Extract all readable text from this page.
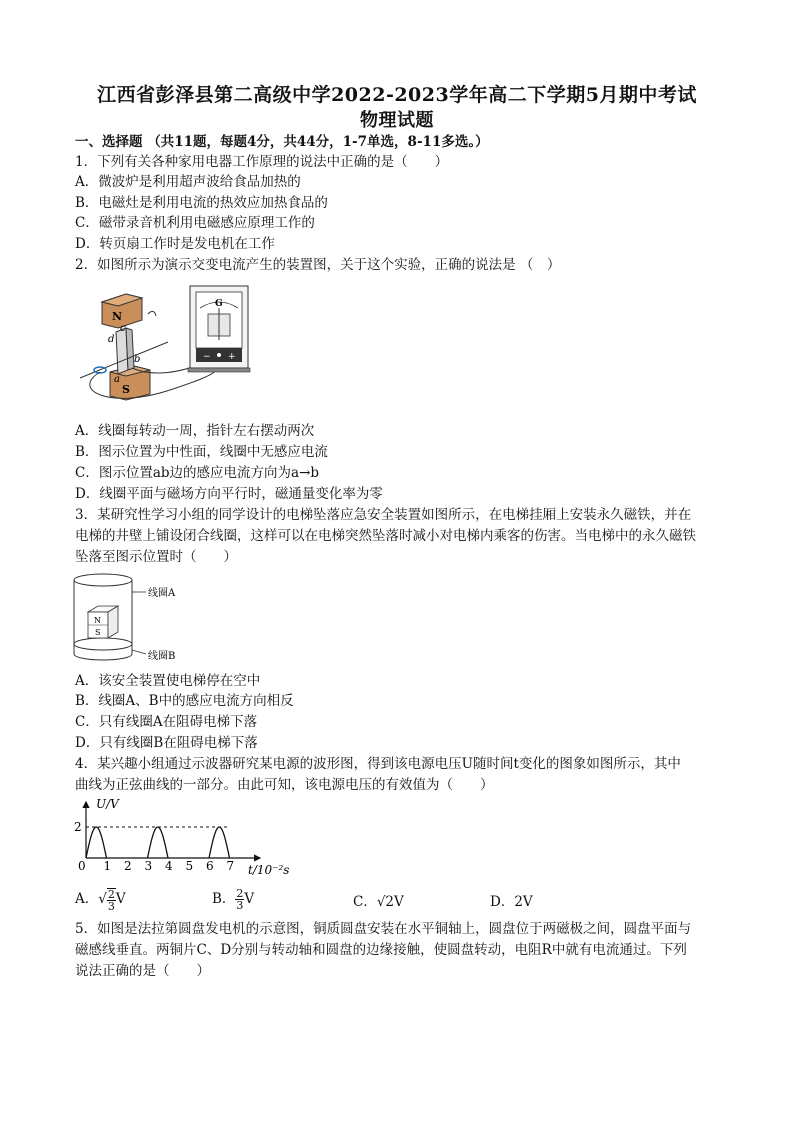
江西省彭泽县第二高级中学2022-2023学年高二下学期5月期中考试
物理试题
一、选择题 （共11题，每题4分，共44分，1-7单选，8-11多选。）
1．下列有关各种家用电器工作原理的说法中正确的是（　　）
A．微波炉是利用超声波给食品加热的
B．电磁灶是利用电流的热效应加热食品的
C．磁带录音机利用电磁感应原理工作的
D．转页扇工作时是发电机在工作
2．如图所示为演示交变电流产生的装置图，关于这个实验，正确的说法是 （　）
N
S
d
c
b
a
G
− +
A．线圈每转动一周，指针左右摆动两次
B．图示位置为中性面，线圈中无感应电流
C．图示位置ab边的感应电流方向为a→b
D．线圈平面与磁场方向平行时，磁通量变化率为零
3．某研究性学习小组的同学设计的电梯坠落应急安全装置如图所示，在电梯挂厢上安装永久磁铁，并在
电梯的井壁上铺设闭合线圈，这样可以在电梯突然坠落时减小对电梯内乘客的伤害。当电梯中的永久磁铁
坠落至图示位置时（　　）
N
S
线圈A
线圈B
A．该安全装置使电梯停在空中
B．线圈A、B中的感应电流方向相反
C．只有线圈A在阻碍电梯下落
D．只有线圈B在阻碍电梯下落
4．某兴趣小组通过示波器研究某电源的波形图，得到该电源电压U随时间t变化的图象如图所示，其中
曲线为正弦曲线的一部分。由此可知，该电源电压的有效值为（　　）
U/V
t/10⁻²s
2
0 1 2 3 4 5 6 7
A．√ $\frac{2}{3}$ V	B． $\frac{2}{3}$ V	C．√2V	D．2V
5．如图是法拉第圆盘发电机的示意图，铜质圆盘安装在水平铜轴上，圆盘位于两磁极之间，圆盘平面与
磁感线垂直。两铜片C、D分别与转动轴和圆盘的边缘接触，使圆盘转动，电阻R中就有电流通过。下列
说法正确的是（　　）
